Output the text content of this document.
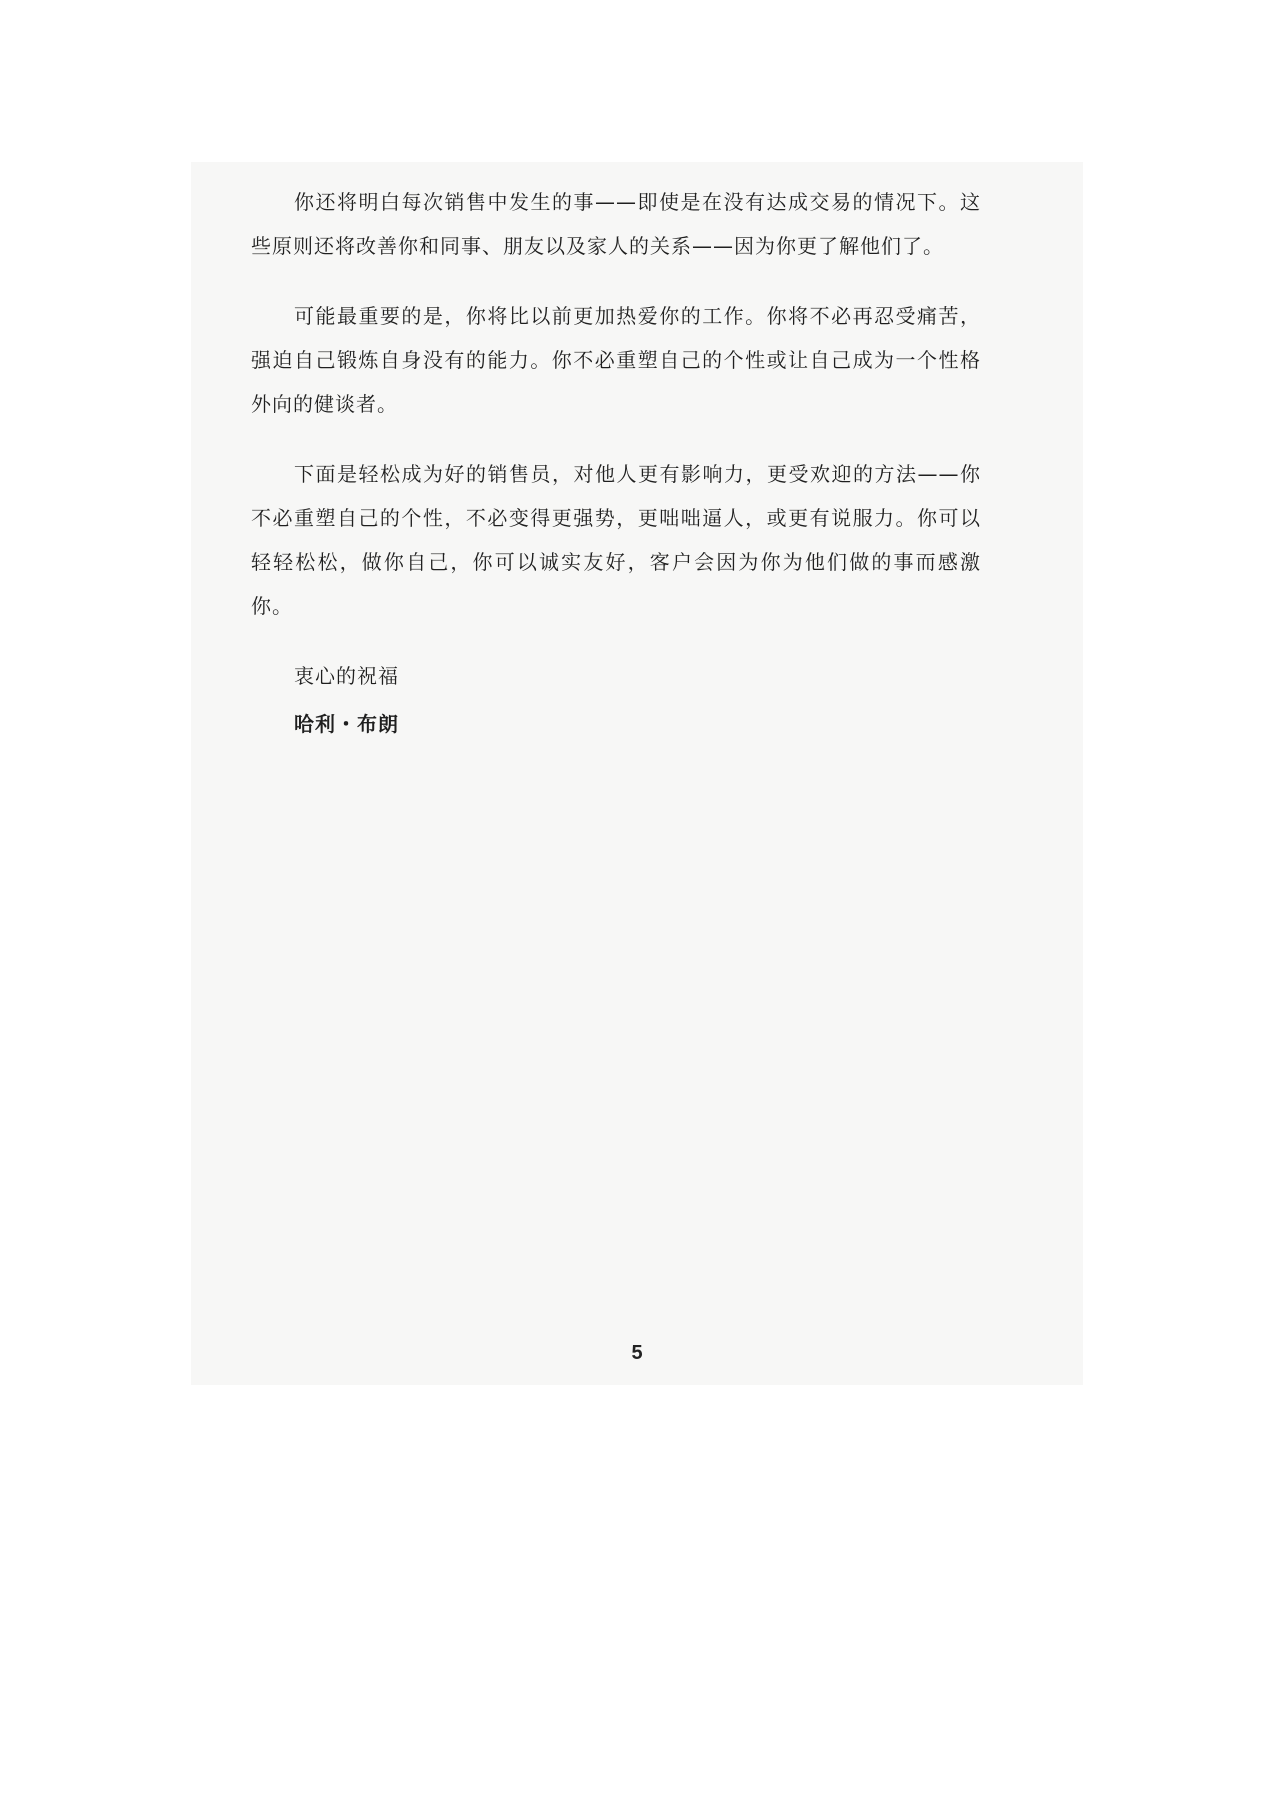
你还将明白每次销售中发生的事——即使是在没有达成交易的情况下。这些原则还将改善你和同事、朋友以及家人的关系——因为你更了解他们了。

可能最重要的是，你将比以前更加热爱你的工作。你将不必再忍受痛苦，强迫自己锻炼自身没有的能力。你不必重塑自己的个性或让自己成为一个性格外向的健谈者。

下面是轻松成为好的销售员，对他人更有影响力，更受欢迎的方法——你不必重塑自己的个性，不必变得更强势，更咄咄逼人，或更有说服力。你可以轻轻松松，做你自己，你可以诚实友好，客户会因为你为他们做的事而感激你。

衷心的祝福
哈利・布朗
5
